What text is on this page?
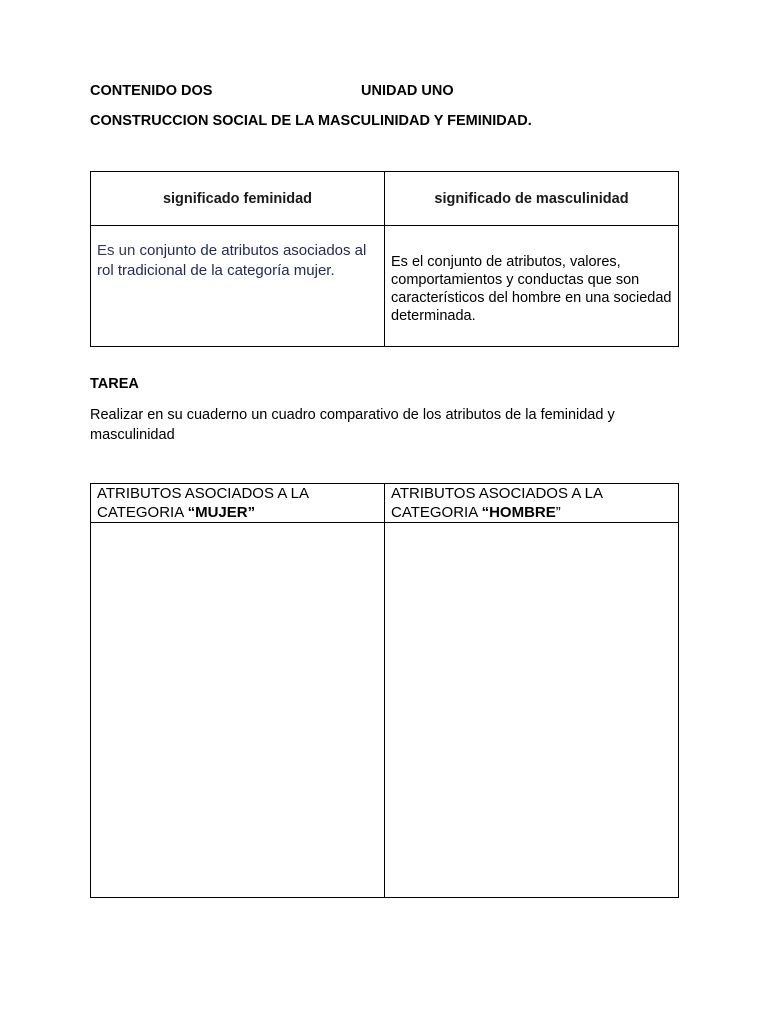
CONTENIDO DOS	UNIDAD UNO
CONSTRUCCION SOCIAL DE LA MASCULINIDAD Y FEMINIDAD.
significado feminidad	significado de masculinidad
Es un conjunto de atributos asociados al rol tradicional de la categoría mujer.	Es el conjunto de atributos, valores, comportamientos y conductas que son característicos del hombre en una sociedad determinada.
TAREA
Realizar en su cuaderno un cuadro comparativo de los atributos de la feminidad y masculinidad
ATRIBUTOS ASOCIADOS A LA CATEGORIA “MUJER”	ATRIBUTOS ASOCIADOS A LA CATEGORIA “HOMBRE”
